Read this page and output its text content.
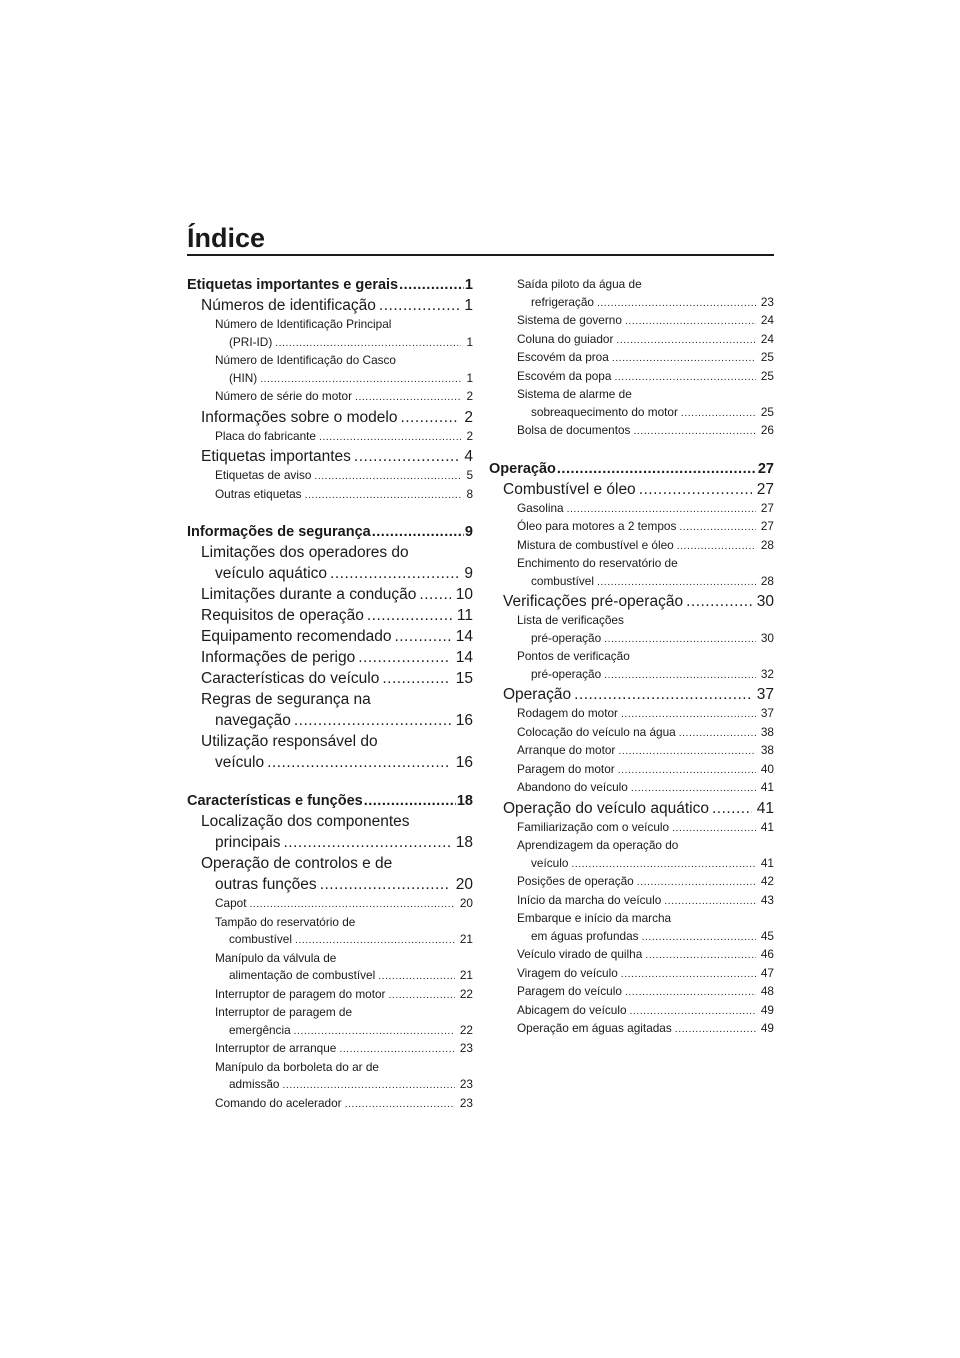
Índice
Etiquetas importantes e gerais .....	1
Números de identificação .....	1
Número de Identificação Principal
(PRI-ID) .....	1
Número de Identificação do Casco
(HIN) .....	1
Número de série do motor .....	2
Informações sobre o modelo .....	2
Placa do fabricante .....	2
Etiquetas importantes .....	4
Etiquetas de aviso .....	5
Outras etiquetas .....	8
Informações de segurança .....	9
Limitações dos operadores do
veículo aquático .....	9
Limitações durante a condução .....	10
Requisitos de operação .....	11
Equipamento recomendado .....	14
Informações de perigo .....	14
Características do veículo .....	15
Regras de segurança na
navegação .....	16
Utilização responsável do
veículo .....	16
Características e funções .....	18
Localização dos componentes
principais .....	18
Operação de controlos e de
outras funções .....	20
Capot .....	20
Tampão do reservatório de
combustível .....	21
Manípulo da válvula de
alimentação de combustível .....	21
Interruptor de paragem do motor .....	22
Interruptor de paragem de
emergência .....	22
Interruptor de arranque .....	23
Manípulo da borboleta do ar de
admissão .....	23
Comando do acelerador .....	23
Saída piloto da água de
refrigeração .....	23
Sistema de governo .....	24
Coluna do guiador .....	24
Escovém da proa .....	25
Escovém da popa .....	25
Sistema de alarme de
sobreaquecimento do motor .....	25
Bolsa de documentos .....	26
Operação .....	27
Combustível e óleo .....	27
Gasolina .....	27
Óleo para motores a 2 tempos .....	27
Mistura de combustível e óleo .....	28
Enchimento do reservatório de
combustível .....	28
Verificações pré-operação .....	30
Lista de verificações
pré-operação .....	30
Pontos de verificação
pré-operação .....	32
Operação .....	37
Rodagem do motor .....	37
Colocação do veículo na água .....	38
Arranque do motor .....	38
Paragem do motor .....	40
Abandono do veículo .....	41
Operação do veículo aquático .....	41
Familiarização com o veículo .....	41
Aprendizagem da operação do
veículo .....	41
Posições de operação .....	42
Início da marcha do veículo .....	43
Embarque e início da marcha
em águas profundas .....	45
Veículo virado de quilha .....	46
Viragem do veículo .....	47
Paragem do veículo .....	48
Abicagem do veículo .....	49
Operação em águas agitadas .....	49
